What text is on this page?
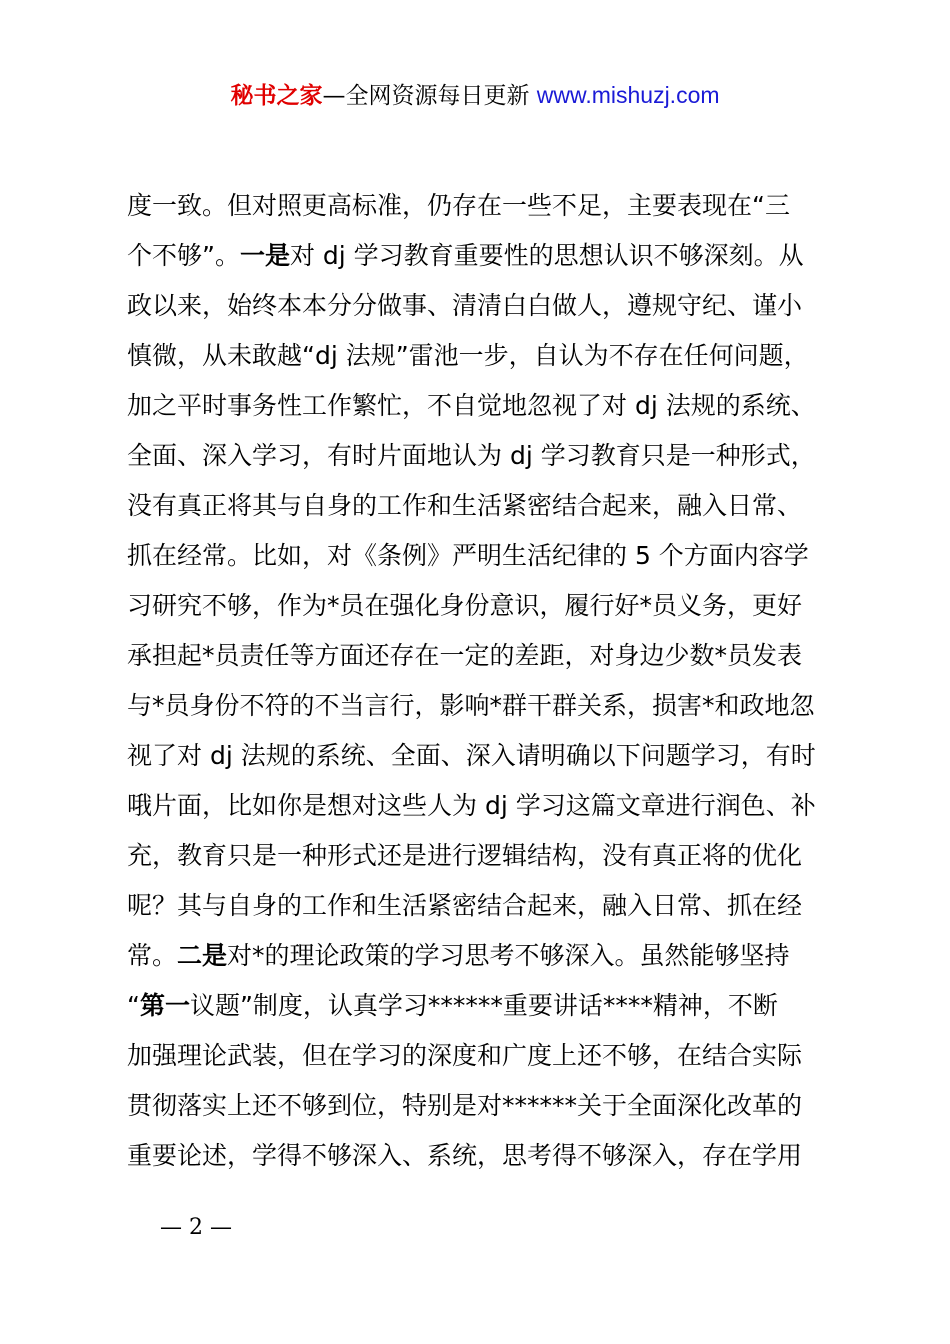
秘书之家—全网资源每日更新 www.mishuzj.com
度一致。但对照更高标准，仍存在一些不足，主要表现在“三
个不够”。一是对 dj 学习教育重要性的思想认识不够深刻。从
政以来，始终本本分分做事、清清白白做人，遵规守纪、谨小
慎微，从未敢越“dj 法规”雷池一步，自认为不存在任何问题，
加之平时事务性工作繁忙，不自觉地忽视了对 dj 法规的系统、
全面、深入学习，有时片面地认为 dj 学习教育只是一种形式，
没有真正将其与自身的工作和生活紧密结合起来，融入日常、
抓在经常。比如，对《条例》严明生活纪律的 5 个方面内容学
习研究不够，作为*员在强化身份意识，履行好*员义务，更好
承担起*员责任等方面还存在一定的差距，对身边少数*员发表
与*员身份不符的不当言行，影响*群干群关系，损害*和政地忽
视了对 dj 法规的系统、全面、深入请明确以下问题学习，有时
哦片面，比如你是想对这些人为 dj 学习这篇文章进行润色、补
充，教育只是一种形式还是进行逻辑结构，没有真正将的优化
呢？其与自身的工作和生活紧密结合起来，融入日常、抓在经
常。二是对*的理论政策的学习思考不够深入。虽然能够坚持
“第一议题”制度，认真学习******重要讲话****精神，不断
加强理论武装，但在学习的深度和广度上还不够，在结合实际
贯彻落实上还不够到位，特别是对******关于全面深化改革的
重要论述，学得不够深入、系统，思考得不够深入，存在学用
— 2 —
